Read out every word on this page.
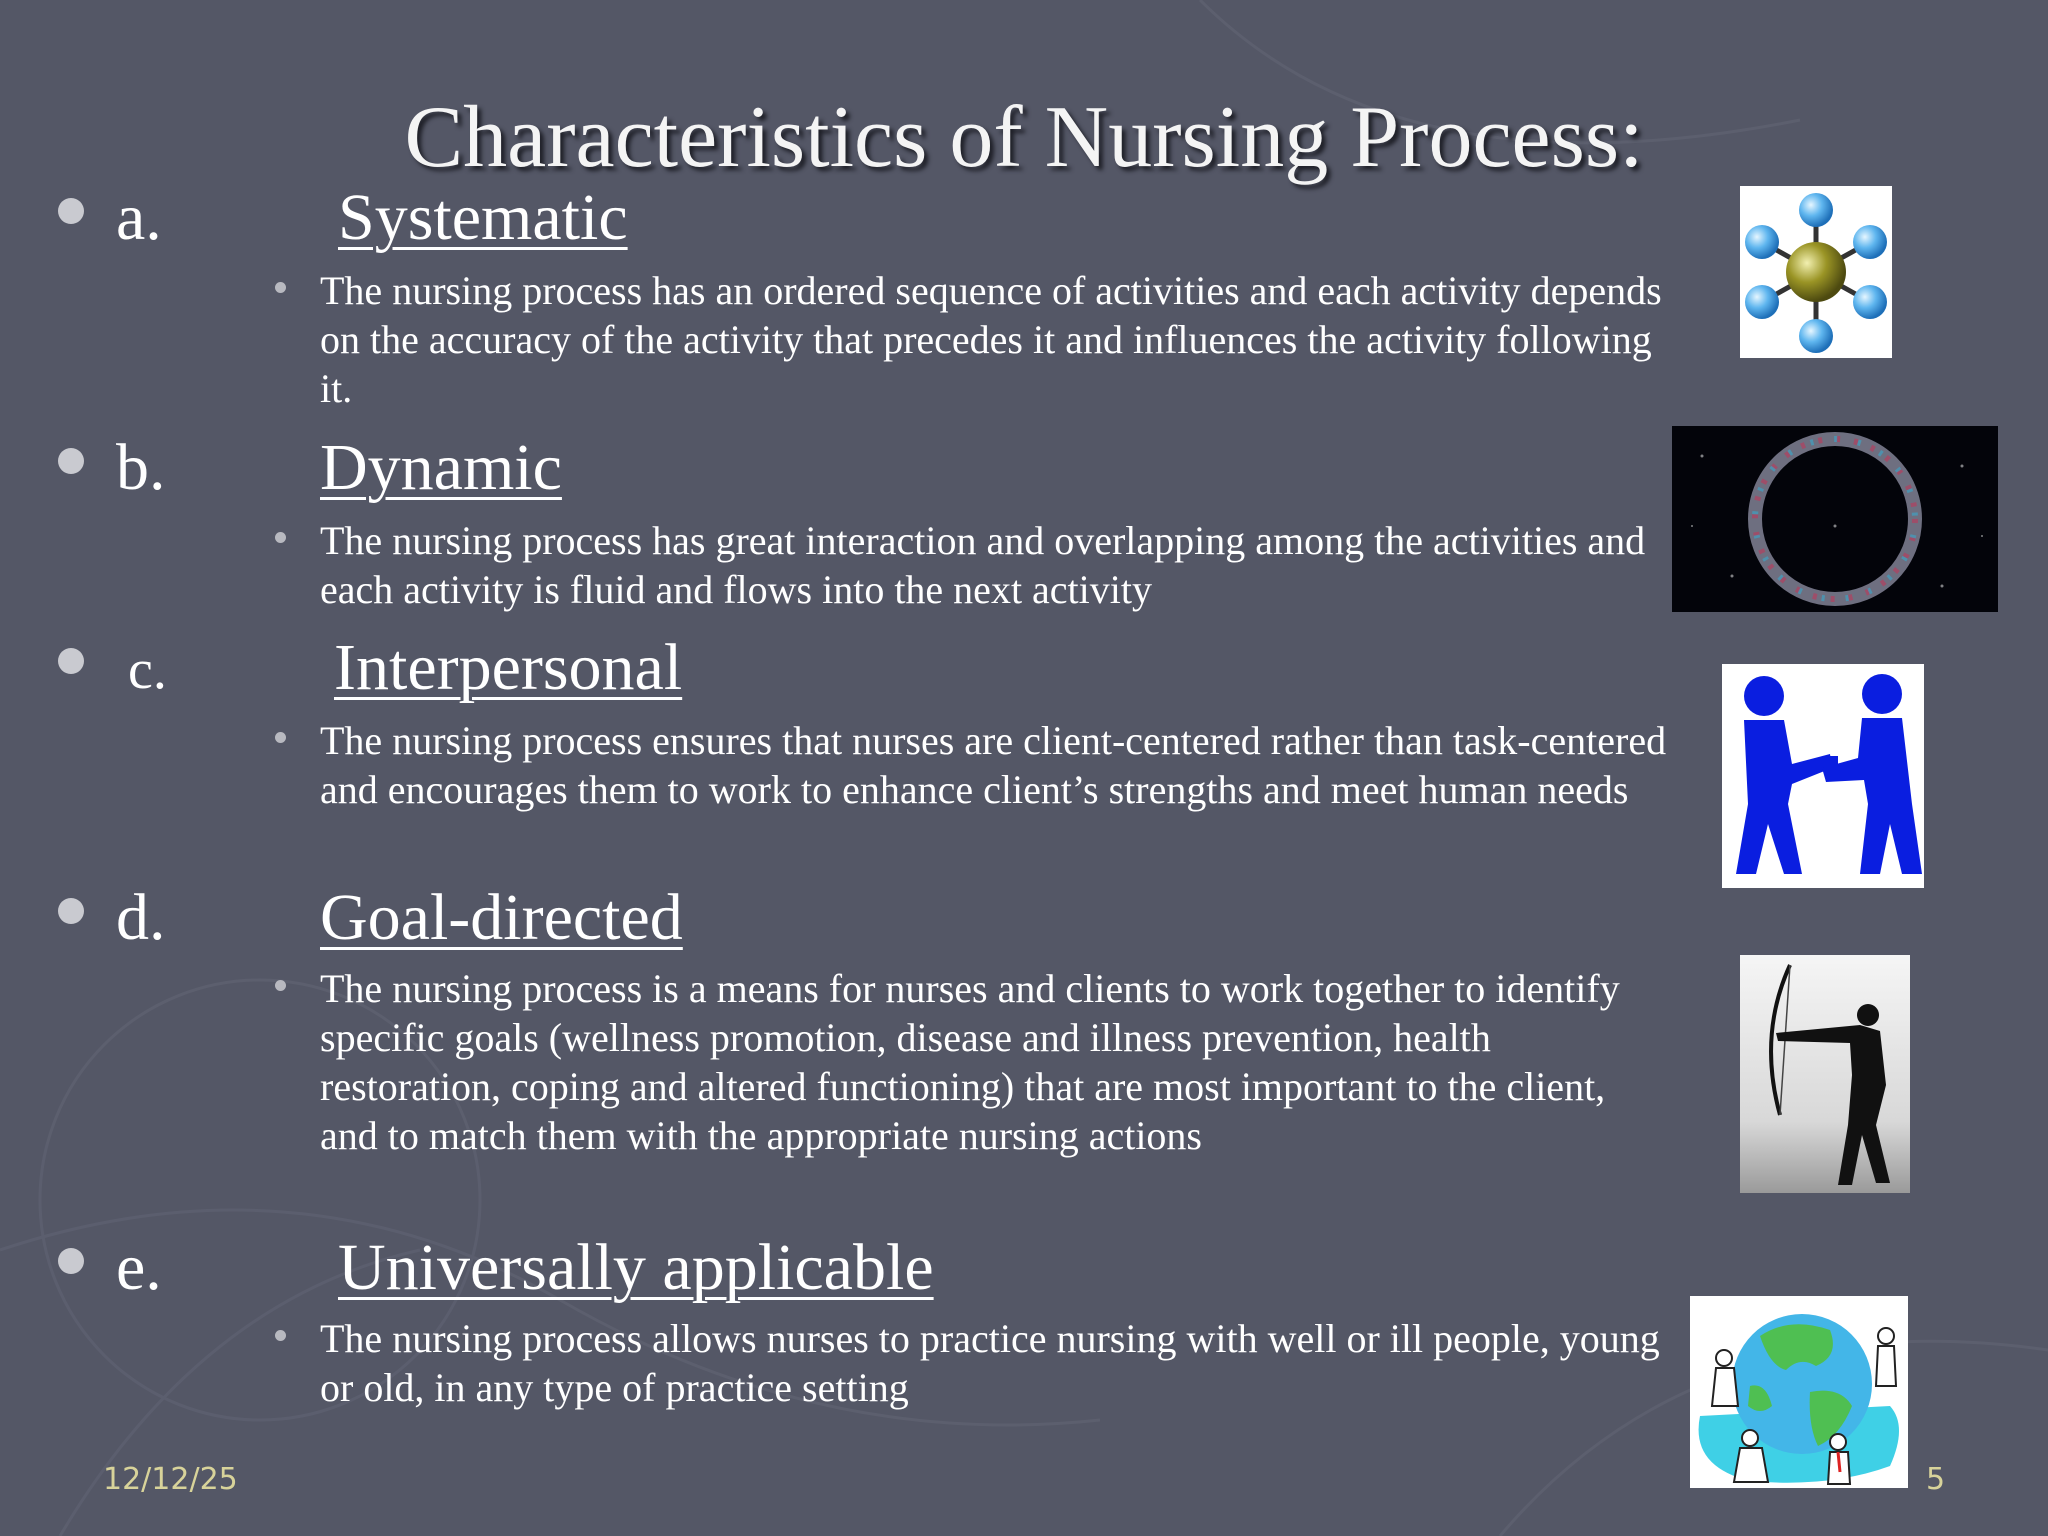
Characteristics of Nursing Process:
a.	Systematic
The nursing process has an ordered sequence of activities and each activity depends on the accuracy of the activity that precedes it and influences the activity following it.
b. Dynamic
The nursing process has great interaction and overlapping among the activities and each activity is fluid and flows into the next activity
c.	Interpersonal
The nursing process ensures that nurses are client-centered rather than task-centered and encourages them to work to enhance client’s strengths and meet human needs
d. Goal-directed
The nursing process is a means for nurses and clients to work together to identify specific goals (wellness promotion, disease and illness prevention, health restoration, coping and altered functioning) that are most important to the client, and to match them with the appropriate nursing actions
e.	Universally applicable
The nursing process allows nurses to practice nursing with well or ill people, young or old, in any type of practice setting
12/12/25	5
